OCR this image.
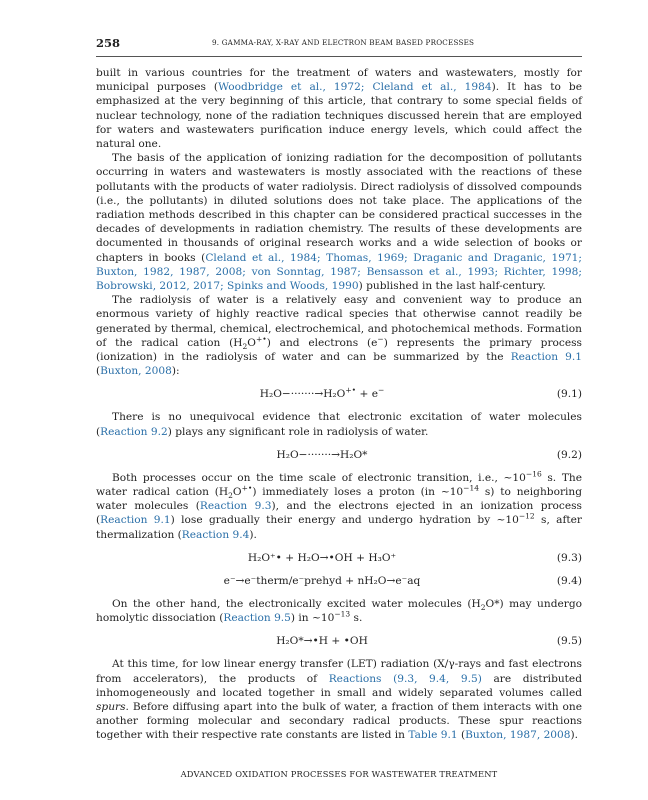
258	9. GAMMA-RAY, X-RAY AND ELECTRON BEAM BASED PROCESSES

built in various countries for the treatment of waters and wastewaters, mostly for municipal purposes (Woodbridge et al., 1972; Cleland et al., 1984). It has to be emphasized at the very beginning of this article, that contrary to some special fields of nuclear technology, none of the radiation techniques discussed herein that are employed for waters and wastewaters purification induce energy levels, which could affect the natural one.

The basis of the application of ionizing radiation for the decomposition of pollutants occurring in waters and wastewaters is mostly associated with the reactions of these pollutants with the products of water radiolysis. Direct radiolysis of dissolved compounds (i.e., the pollutants) in diluted solutions does not take place. The applications of the radiation methods described in this chapter can be considered practical successes in the decades of developments in radiation chemistry. The results of these developments are documented in thousands of original research works and a wide selection of books or chapters in books (Cleland et al., 1984; Thomas, 1969; Draganic and Draganic, 1971; Buxton, 1982, 1987, 2008; von Sonntag, 1987; Bensasson et al., 1993; Richter, 1998; Bobrowski, 2012, 2017; Spinks and Woods, 1990) published in the last half-century.

The radiolysis of water is a relatively easy and convenient way to produce an enormous variety of highly reactive radical species that otherwise cannot readily be generated by thermal, chemical, electrochemical, and photochemical methods. Formation of the radical cation $(H_2O^{+•})$ and electrons (e−) represents the primary process (ionization) in the radiolysis of water and can be summarized by the Reaction 9.1 (Buxton, 2008):

H₂O−·······→H₂O+• + e−	(9.1)

There is no unequivocal evidence that electronic excitation of water molecules (Reaction 9.2) plays any significant role in radiolysis of water.

H₂O−·······→H₂O*	(9.2)

Both processes occur on the time scale of electronic transition, i.e., $\sim 10^{-16}$ s. The water radical cation $(H_2O^{+•})$ immediately loses a proton (in $\sim 10^{-14}$ s) to neighboring water molecules (Reaction 9.3), and the electrons ejected in an ionization process (Reaction 9.1) lose gradually their energy and undergo hydration by $\sim 10^{-12}$ s, after thermalization (Reaction 9.4).

H₂O⁺• + H₂O→•OH + H₃O⁺	(9.3)
e⁻→e⁻therm/e⁻prehyd + nH₂O→e⁻aq	(9.4)

On the other hand, the electronically excited water molecules $(H_2O*)$ may undergo homolytic dissociation (Reaction 9.5) in $\sim 10^{-13}$ s.

H₂O*→•H + •OH	(9.5)

At this time, for low linear energy transfer (LET) radiation (X/γ-rays and fast electrons from accelerators), the products of Reactions (9.3, 9.4, 9.5) are distributed inhomogeneously and located together in small and widely separated volumes called spurs. Before diffusing apart into the bulk of water, a fraction of them interacts with one another forming molecular and secondary radical products. These spur reactions together with their respective rate constants are listed in Table 9.1 (Buxton, 1987, 2008).

ADVANCED OXIDATION PROCESSES FOR WASTEWATER TREATMENT
